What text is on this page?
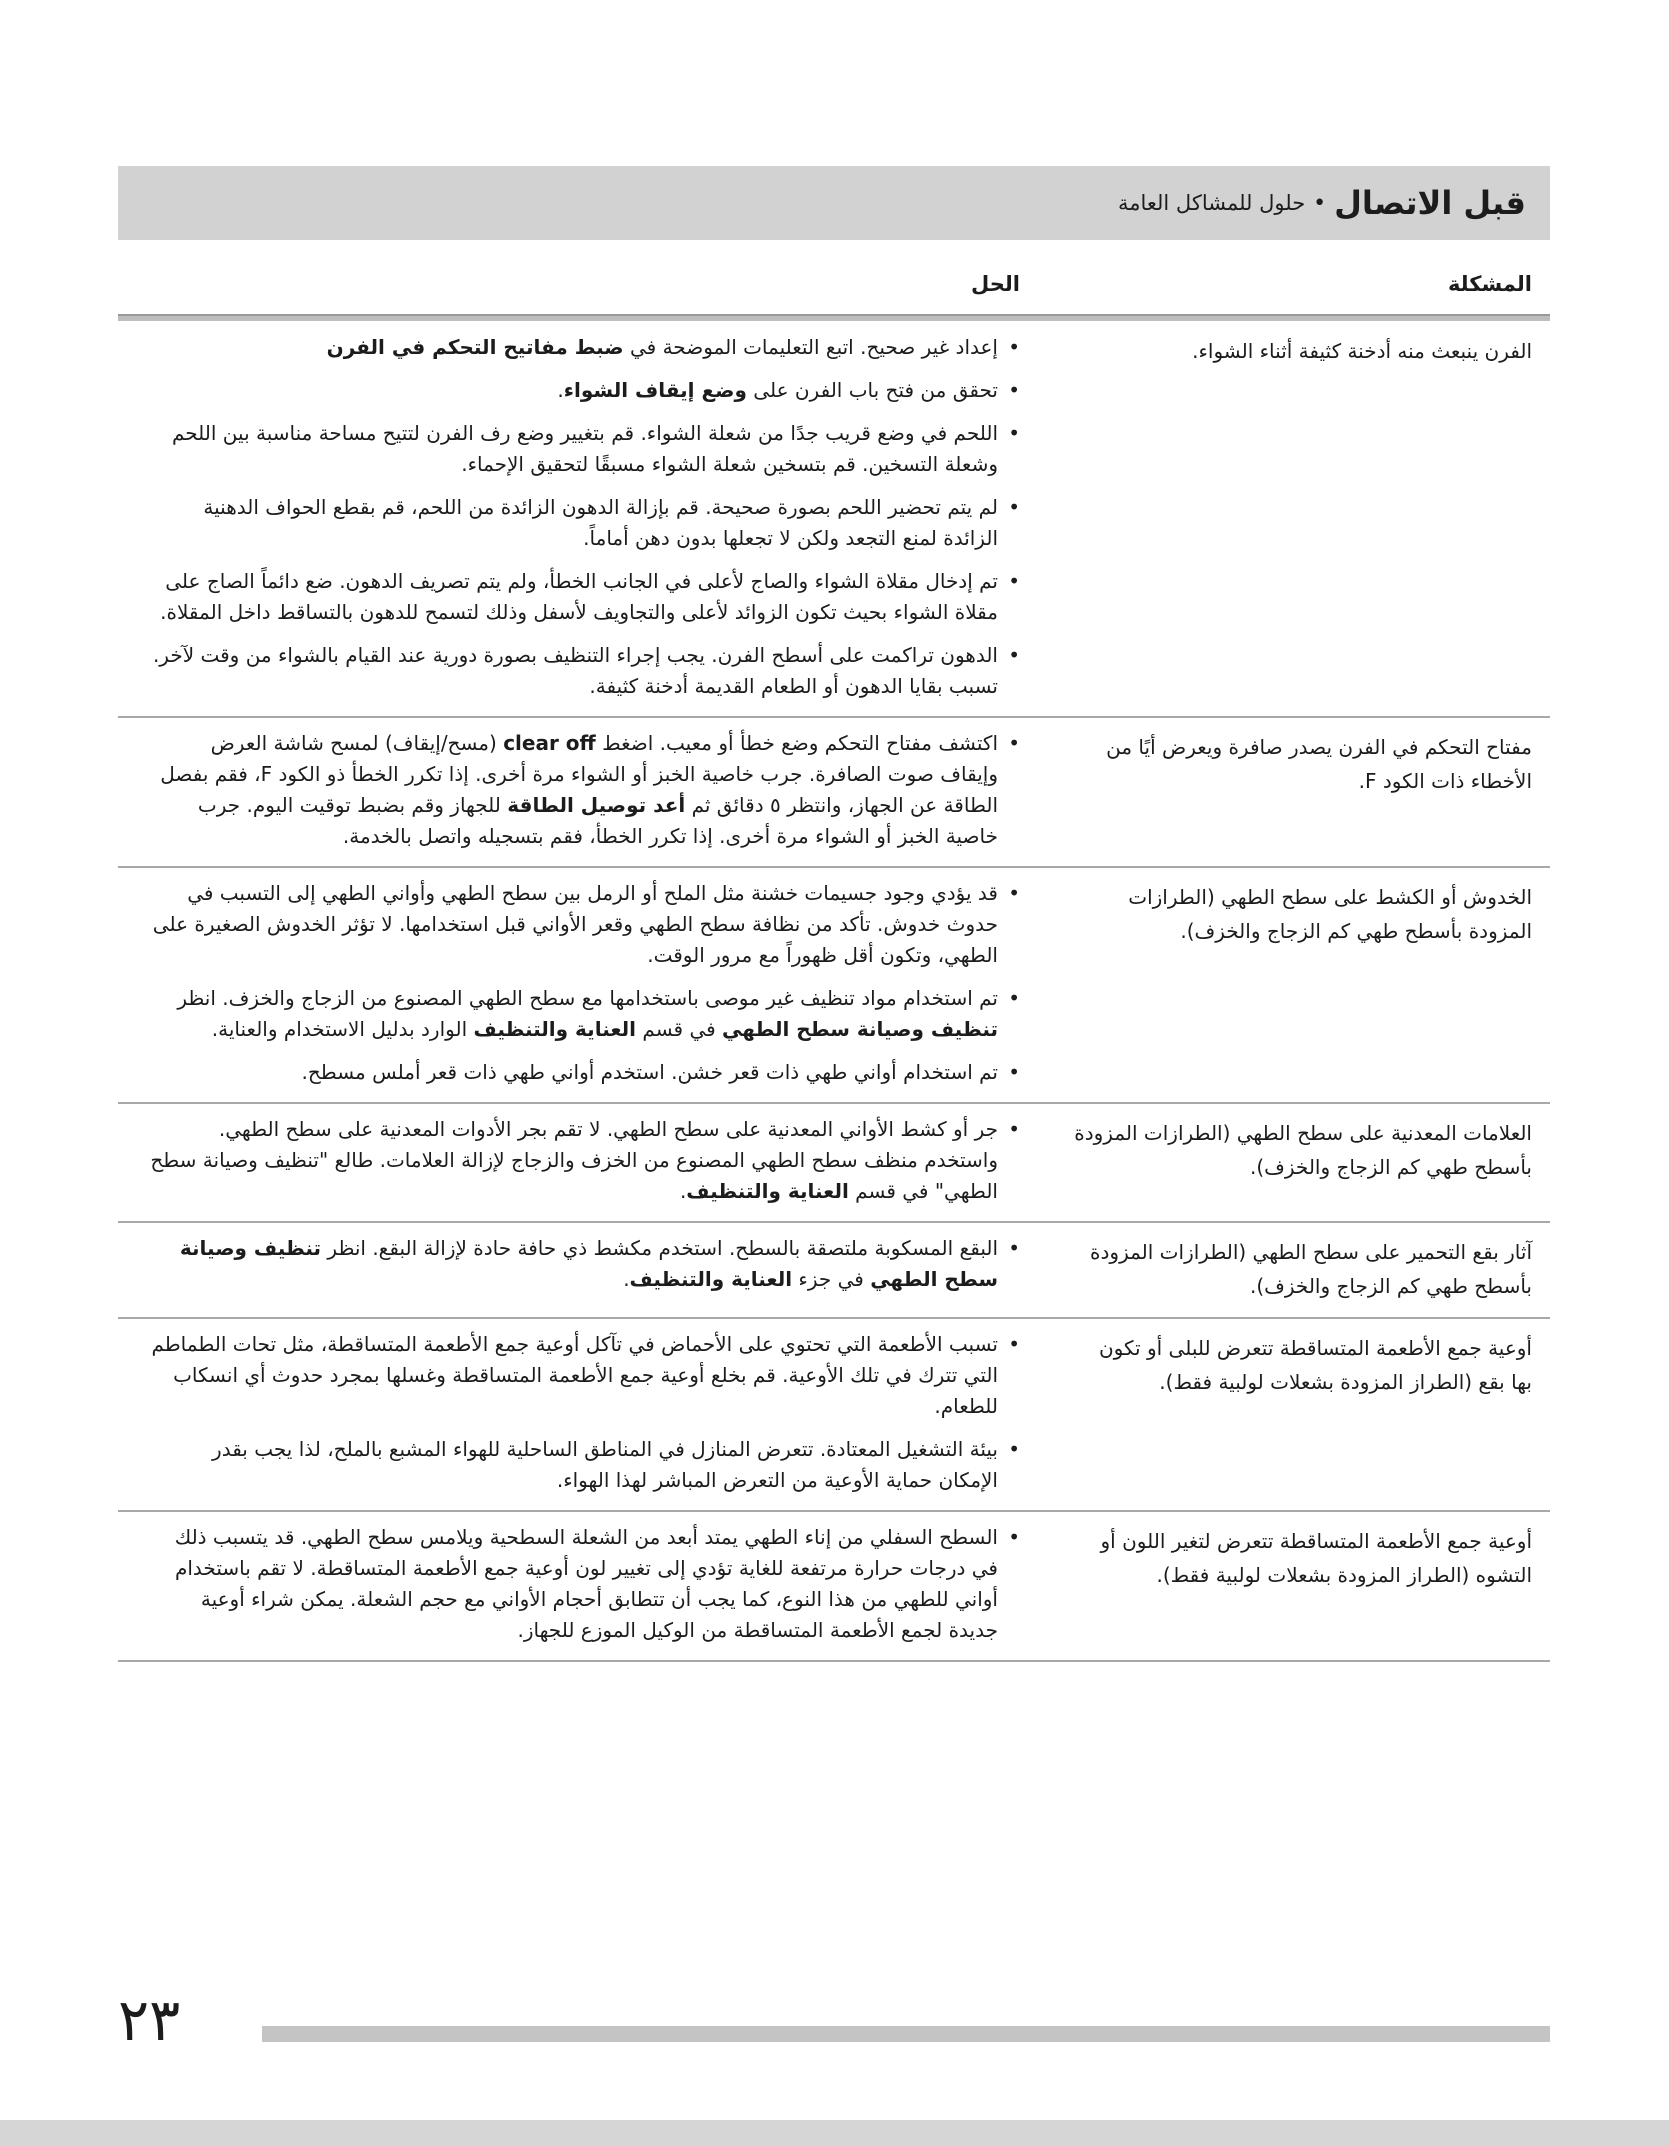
قبل الاتصال
•
حلول للمشاكل العامة
المشكلة
الحل
الفرن ينبعث منه أدخنة كثيفة أثناء الشواء.
• إعداد غير صحيح. اتبع التعليمات الموضحة في ضبط مفاتيح التحكم في الفرن
• تحقق من فتح باب الفرن على وضع إيقاف الشواء.
• اللحم في وضع قريب جدًا من شعلة الشواء. قم بتغيير وضع رف الفرن لتتيح مساحة مناسبة بين اللحم وشعلة التسخين. قم بتسخين شعلة الشواء مسبقًا لتحقيق الإحماء.
• لم يتم تحضير اللحم بصورة صحيحة. قم بإزالة الدهون الزائدة من اللحم، قم بقطع الحواف الدهنية الزائدة لمنع التجعد ولكن لا تجعلها بدون دهن أماماً.
• تم إدخال مقلاة الشواء والصاج لأعلى في الجانب الخطأ، ولم يتم تصريف الدهون. ضع دائماً الصاج على مقلاة الشواء بحيث تكون الزوائد لأعلى والتجاويف لأسفل وذلك لتسمح للدهون بالتساقط داخل المقلاة.
• الدهون تراكمت على أسطح الفرن. يجب إجراء التنظيف بصورة دورية عند القيام بالشواء من وقت لآخر. تسبب بقايا الدهون أو الطعام القديمة أدخنة كثيفة.
مفتاح التحكم في الفرن يصدر صافرة ويعرض أيًا من الأخطاء ذات الكود F.
• اكتشف مفتاح التحكم وضع خطأ أو معيب. اضغط clear off (مسح/إيقاف) لمسح شاشة العرض وإيقاف صوت الصافرة. جرب خاصية الخبز أو الشواء مرة أخرى. إذا تكرر الخطأ ذو الكود F، فقم بفصل الطاقة عن الجهاز، وانتظر ٥ دقائق ثم أعد توصيل الطاقة للجهاز وقم بضبط توقيت اليوم. جرب خاصية الخبز أو الشواء مرة أخرى. إذا تكرر الخطأ، فقم بتسجيله واتصل بالخدمة.
الخدوش أو الكشط على سطح الطهي (الطرازات المزودة بأسطح طهي كم الزجاج والخزف).
• قد يؤدي وجود جسيمات خشنة مثل الملح أو الرمل بين سطح الطهي وأواني الطهي إلى التسبب في حدوث خدوش. تأكد من نظافة سطح الطهي وقعر الأواني قبل استخدامها. لا تؤثر الخدوش الصغيرة على الطهي، وتكون أقل ظهوراً مع مرور الوقت.
• تم استخدام مواد تنظيف غير موصى باستخدامها مع سطح الطهي المصنوع من الزجاج والخزف. انظر تنظيف وصيانة سطح الطهي في قسم العناية والتنظيف الوارد بدليل الاستخدام والعناية.
• تم استخدام أواني طهي ذات قعر خشن. استخدم أواني طهي ذات قعر أملس مسطح.
العلامات المعدنية على سطح الطهي (الطرازات المزودة بأسطح طهي كم الزجاج والخزف).
• جر أو كشط الأواني المعدنية على سطح الطهي. لا تقم بجر الأدوات المعدنية على سطح الطهي. واستخدم منظف سطح الطهي المصنوع من الخزف والزجاج لإزالة العلامات. طالع "تنظيف وصيانة سطح الطهي" في قسم العناية والتنظيف.
آثار بقع التحمير على سطح الطهي (الطرازات المزودة بأسطح طهي كم الزجاج والخزف).
• البقع المسكوبة ملتصقة بالسطح. استخدم مكشط ذي حافة حادة لإزالة البقع. انظر تنظيف وصيانة سطح الطهي في جزء العناية والتنظيف.
أوعية جمع الأطعمة المتساقطة تتعرض للبلى أو تكون بها بقع (الطراز المزودة بشعلات لولبية فقط).
• تسبب الأطعمة التي تحتوي على الأحماض في تآكل أوعية جمع الأطعمة المتساقطة، مثل تحات الطماطم التي تترك في تلك الأوعية. قم بخلع أوعية جمع الأطعمة المتساقطة وغسلها بمجرد حدوث أي انسكاب للطعام.
• بيئة التشغيل المعتادة. تتعرض المنازل في المناطق الساحلية للهواء المشبع بالملح، لذا يجب بقدر الإمكان حماية الأوعية من التعرض المباشر لهذا الهواء.
أوعية جمع الأطعمة المتساقطة تتعرض لتغير اللون أو التشوه (الطراز المزودة بشعلات لولبية فقط).
• السطح السفلي من إناء الطهي يمتد أبعد من الشعلة السطحية ويلامس سطح الطهي. قد يتسبب ذلك في درجات حرارة مرتفعة للغاية تؤدي إلى تغيير لون أوعية جمع الأطعمة المتساقطة. لا تقم باستخدام أواني للطهي من هذا النوع، كما يجب أن تتطابق أحجام الأواني مع حجم الشعلة. يمكن شراء أوعية جديدة لجمع الأطعمة المتساقطة من الوكيل الموزع للجهاز.
٢٣
